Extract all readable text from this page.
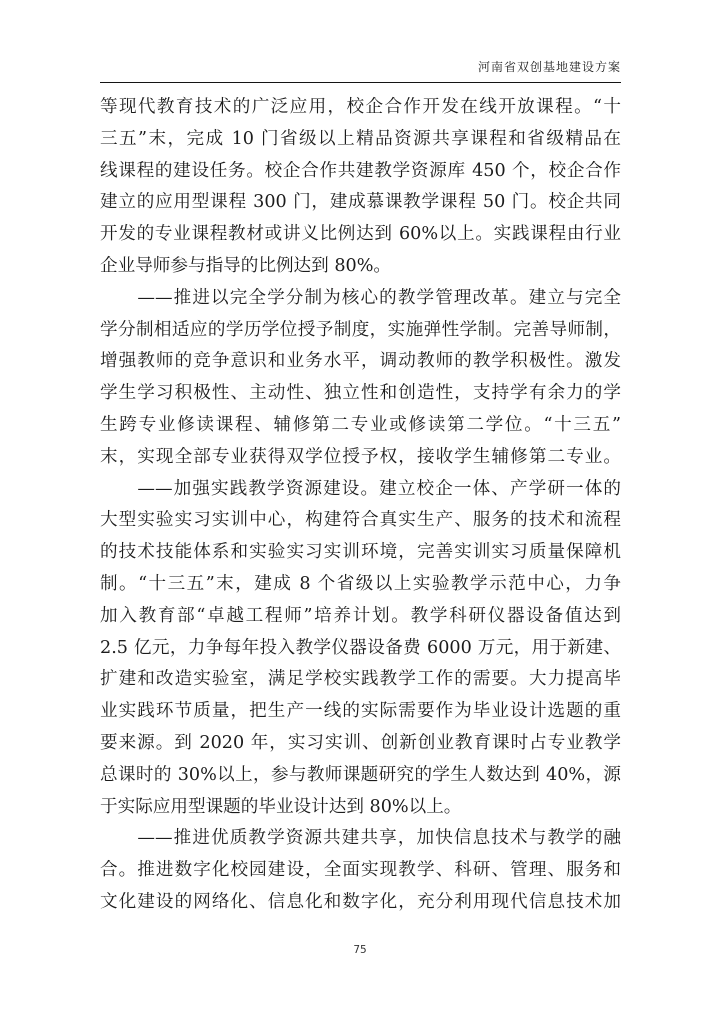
河南省双创基地建设方案
等现代教育技术的广泛应用，校企合作开发在线开放课程。“十
三五”末，完成 10 门省级以上精品资源共享课程和省级精品在
线课程的建设任务。校企合作共建教学资源库 450 个，校企合作
建立的应用型课程 300 门，建成慕课教学课程 50 门。校企共同
开发的专业课程教材或讲义比例达到 60%以上。实践课程由行业
企业导师参与指导的比例达到 80%。
　　——推进以完全学分制为核心的教学管理改革。建立与完全
学分制相适应的学历学位授予制度，实施弹性学制。完善导师制，
增强教师的竞争意识和业务水平，调动教师的教学积极性。激发
学生学习积极性、主动性、独立性和创造性，支持学有余力的学
生跨专业修读课程、辅修第二专业或修读第二学位。“十三五”
末，实现全部专业获得双学位授予权，接收学生辅修第二专业。
　　——加强实践教学资源建设。建立校企一体、产学研一体的
大型实验实习实训中心，构建符合真实生产、服务的技术和流程
的技术技能体系和实验实习实训环境，完善实训实习质量保障机
制。“十三五”末，建成 8 个省级以上实验教学示范中心，力争
加入教育部“卓越工程师”培养计划。教学科研仪器设备值达到
2.5 亿元，力争每年投入教学仪器设备费 6000 万元，用于新建、
扩建和改造实验室，满足学校实践教学工作的需要。大力提高毕
业实践环节质量，把生产一线的实际需要作为毕业设计选题的重
要来源。到 2020 年，实习实训、创新创业教育课时占专业教学
总课时的 30%以上，参与教师课题研究的学生人数达到 40%，源
于实际应用型课题的毕业设计达到 80%以上。
　　——推进优质教学资源共建共享，加快信息技术与教学的融
合。推进数字化校园建设，全面实现教学、科研、管理、服务和
文化建设的网络化、信息化和数字化，充分利用现代信息技术加
75
